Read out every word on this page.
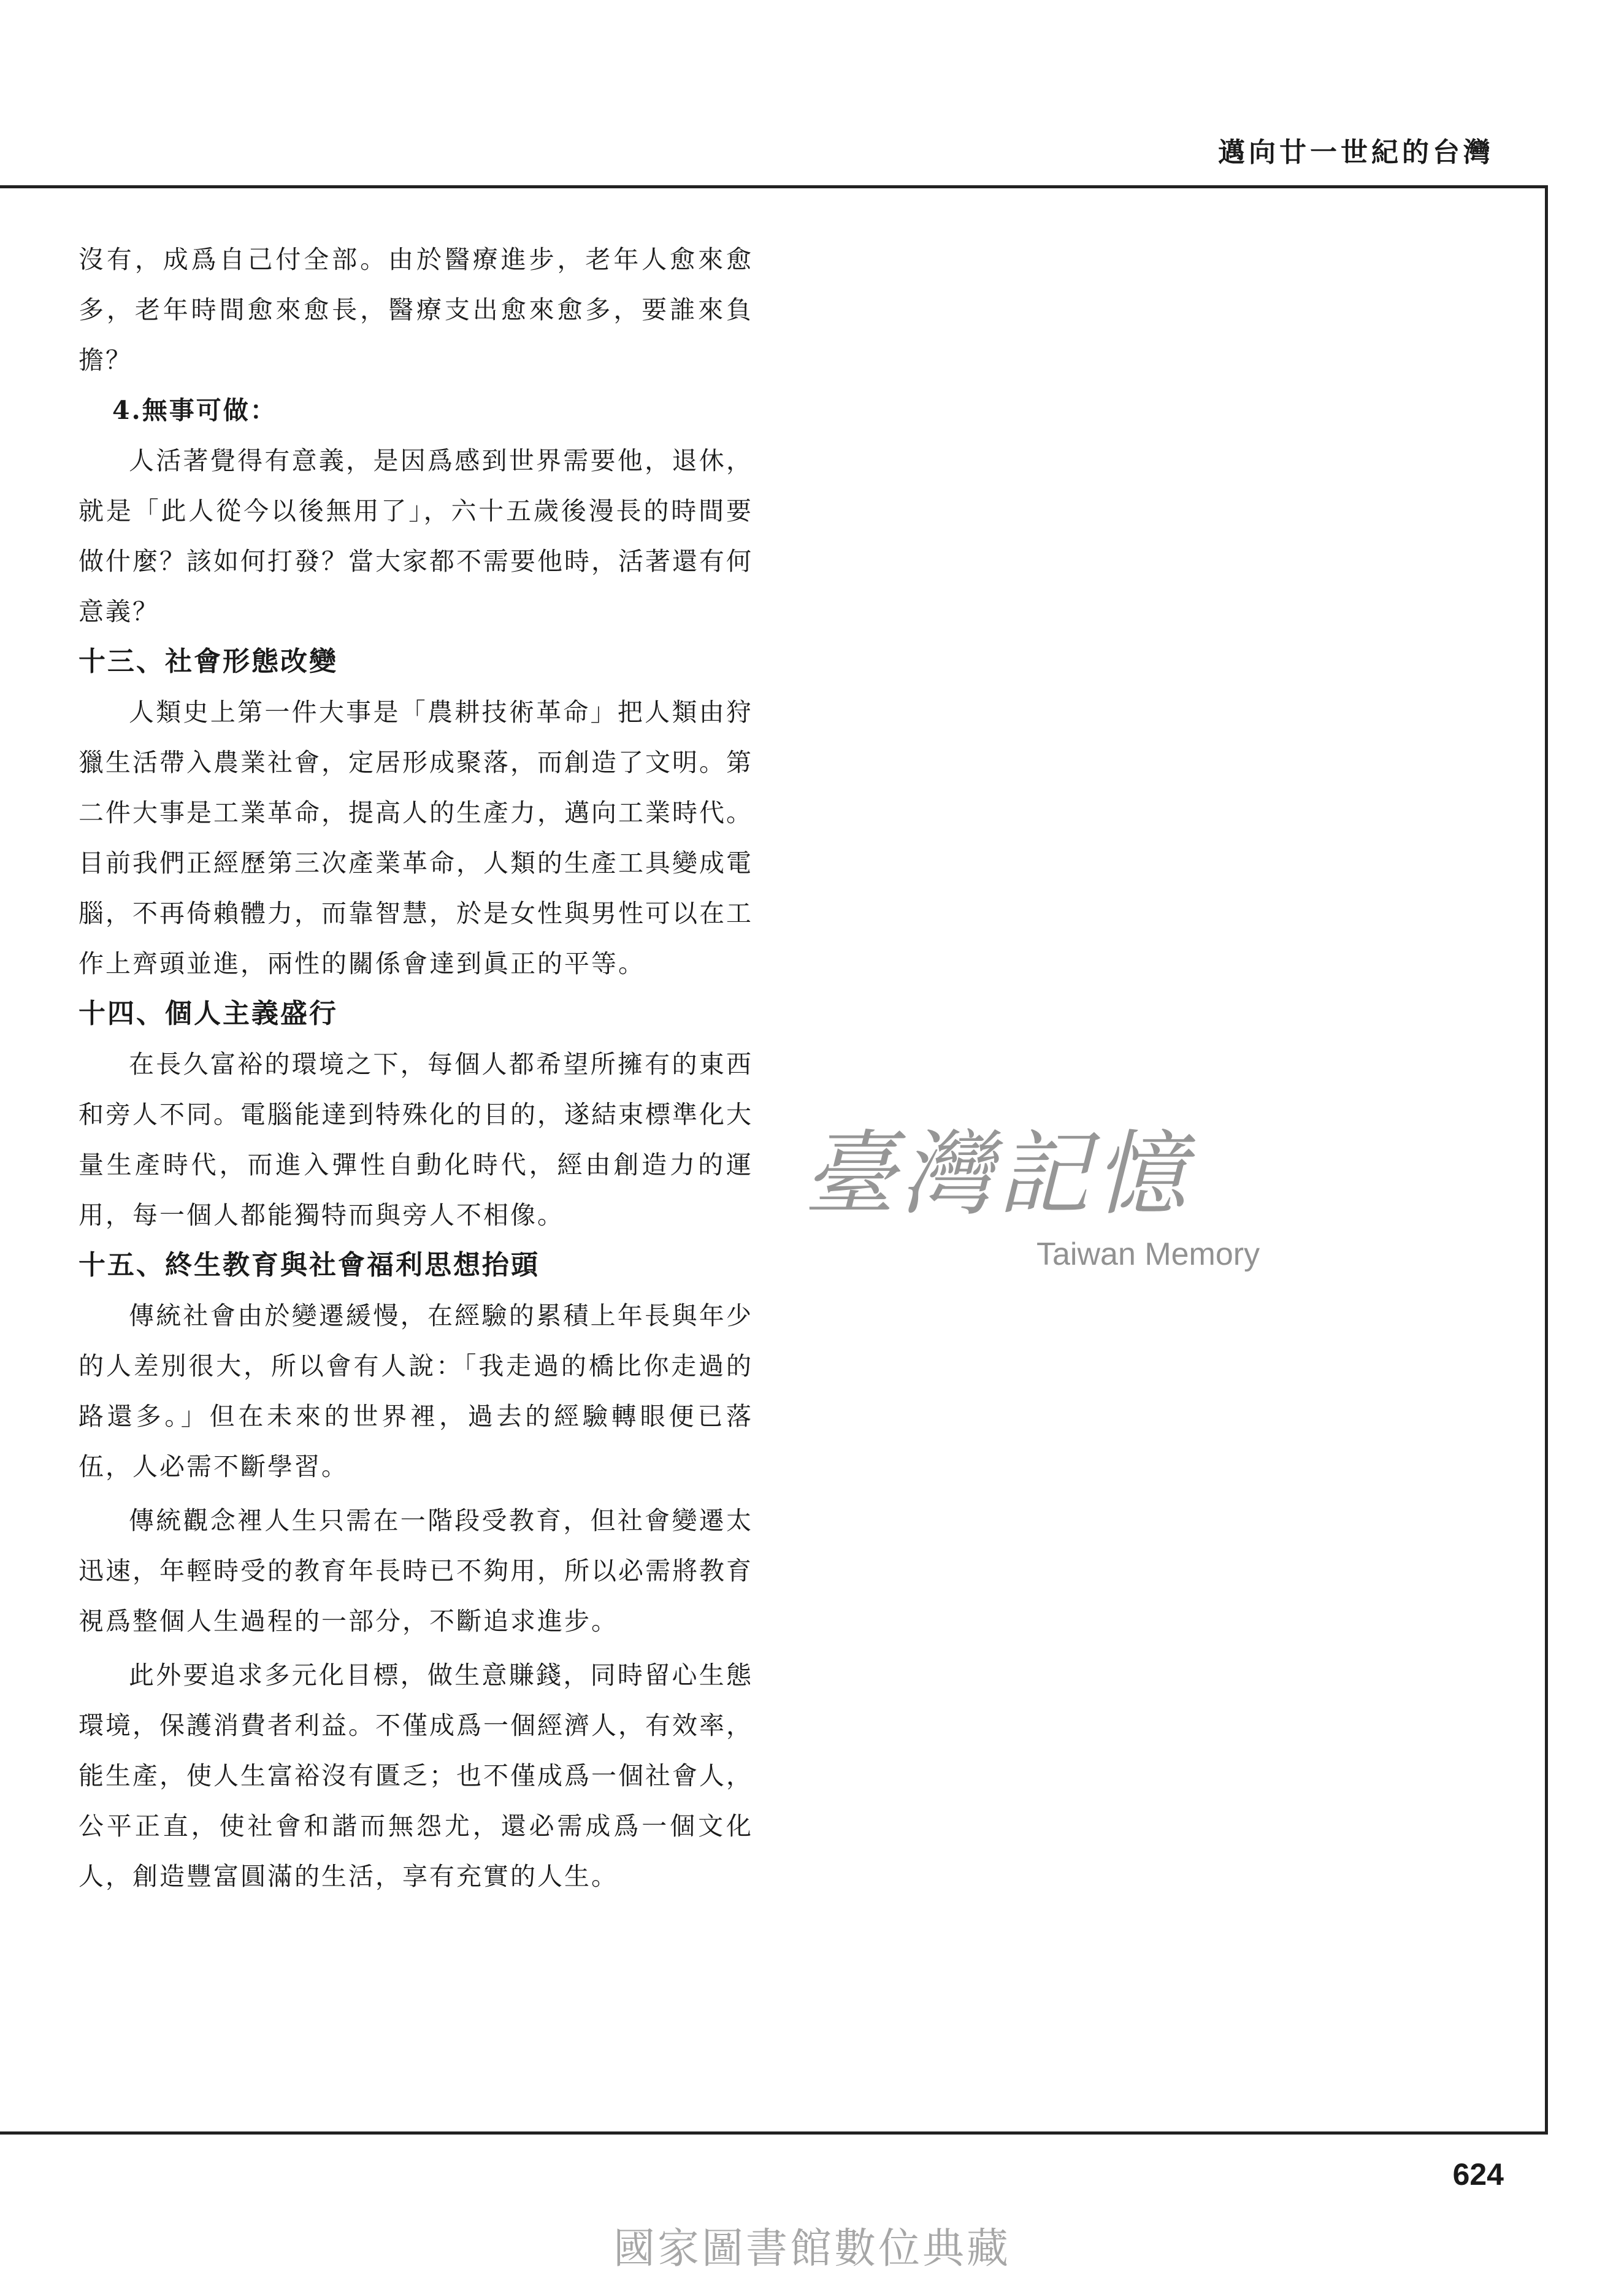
邁向廿一世紀的台灣

沒有，成爲自己付全部。由於醫療進步，老年人愈來愈多，老年時間愈來愈長，醫療支出愈來愈多，要誰來負擔？

4.無事可做：

人活著覺得有意義，是因爲感到世界需要他，退休，就是「此人從今以後無用了」，六十五歲後漫長的時間要做什麼？該如何打發？當大家都不需要他時，活著還有何意義？

十三、社會形態改變

人類史上第一件大事是「農耕技術革命」把人類由狩獵生活帶入農業社會，定居形成聚落，而創造了文明。第二件大事是工業革命，提高人的生產力，邁向工業時代。目前我們正經歷第三次產業革命，人類的生產工具變成電腦，不再倚賴體力，而靠智慧，於是女性與男性可以在工作上齊頭並進，兩性的關係會達到眞正的平等。

十四、個人主義盛行

在長久富裕的環境之下，每個人都希望所擁有的東西和旁人不同。電腦能達到特殊化的目的，遂結束標準化大量生產時代，而進入彈性自動化時代，經由創造力的運用，每一個人都能獨特而與旁人不相像。

十五、終生教育與社會福利思想抬頭

傳統社會由於變遷緩慢，在經驗的累積上年長與年少的人差別很大，所以會有人說：「我走過的橋比你走過的路還多。」但在未來的世界裡，過去的經驗轉眼便已落伍，人必需不斷學習。

傳統觀念裡人生只需在一階段受教育，但社會變遷太迅速，年輕時受的教育年長時已不夠用，所以必需將教育視爲整個人生過程的一部分，不斷追求進步。

此外要追求多元化目標，做生意賺錢，同時留心生態環境，保護消費者利益。不僅成爲一個經濟人，有效率，能生產，使人生富裕沒有匱乏；也不僅成爲一個社會人，公平正直，使社會和諧而無怨尤，還必需成爲一個文化人，創造豐富圓滿的生活，享有充實的人生。

臺灣記憶
Taiwan Memory
624
國家圖書館數位典藏
